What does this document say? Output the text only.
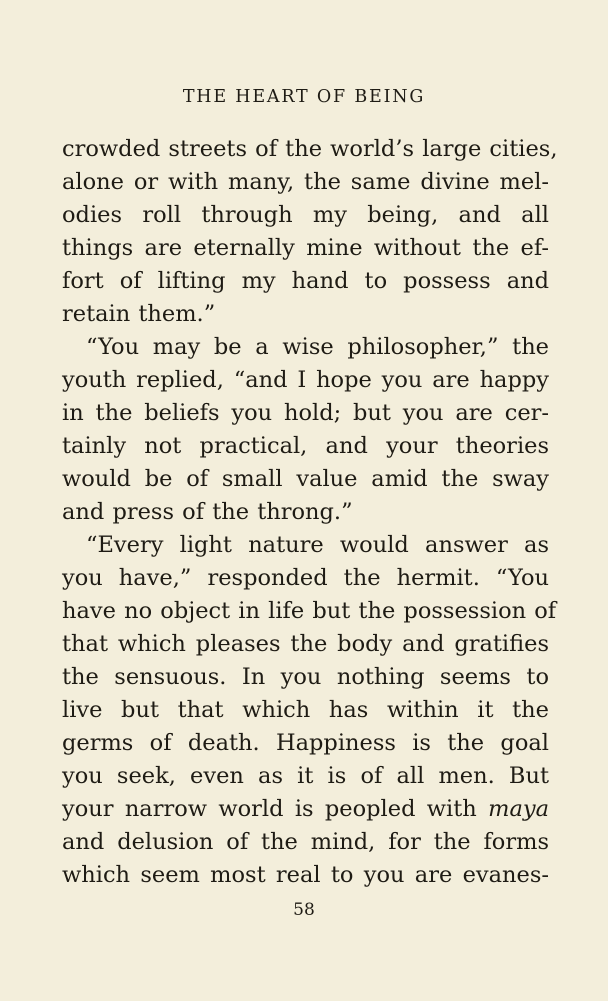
THE HEART OF BEING
crowded streets of the world’s large cities,
alone or with many, the same divine mel-
odies roll through my being, and all
things are eternally mine without the ef-
fort of lifting my hand to possess and
retain them.”
“You may be a wise philosopher,” the
youth replied, “and I hope you are happy
in the beliefs you hold; but you are cer-
tainly not practical, and your theories
would be of small value amid the sway
and press of the throng.”
“Every light nature would answer as
you have,” responded the hermit. “You
have no object in life but the possession of
that which pleases the body and gratifies
the sensuous. In you nothing seems to
live but that which has within it the
germs of death. Happiness is the goal
you seek, even as it is of all men. But
your narrow world is peopled with maya
and delusion of the mind, for the forms
which seem most real to you are evanes-
58
